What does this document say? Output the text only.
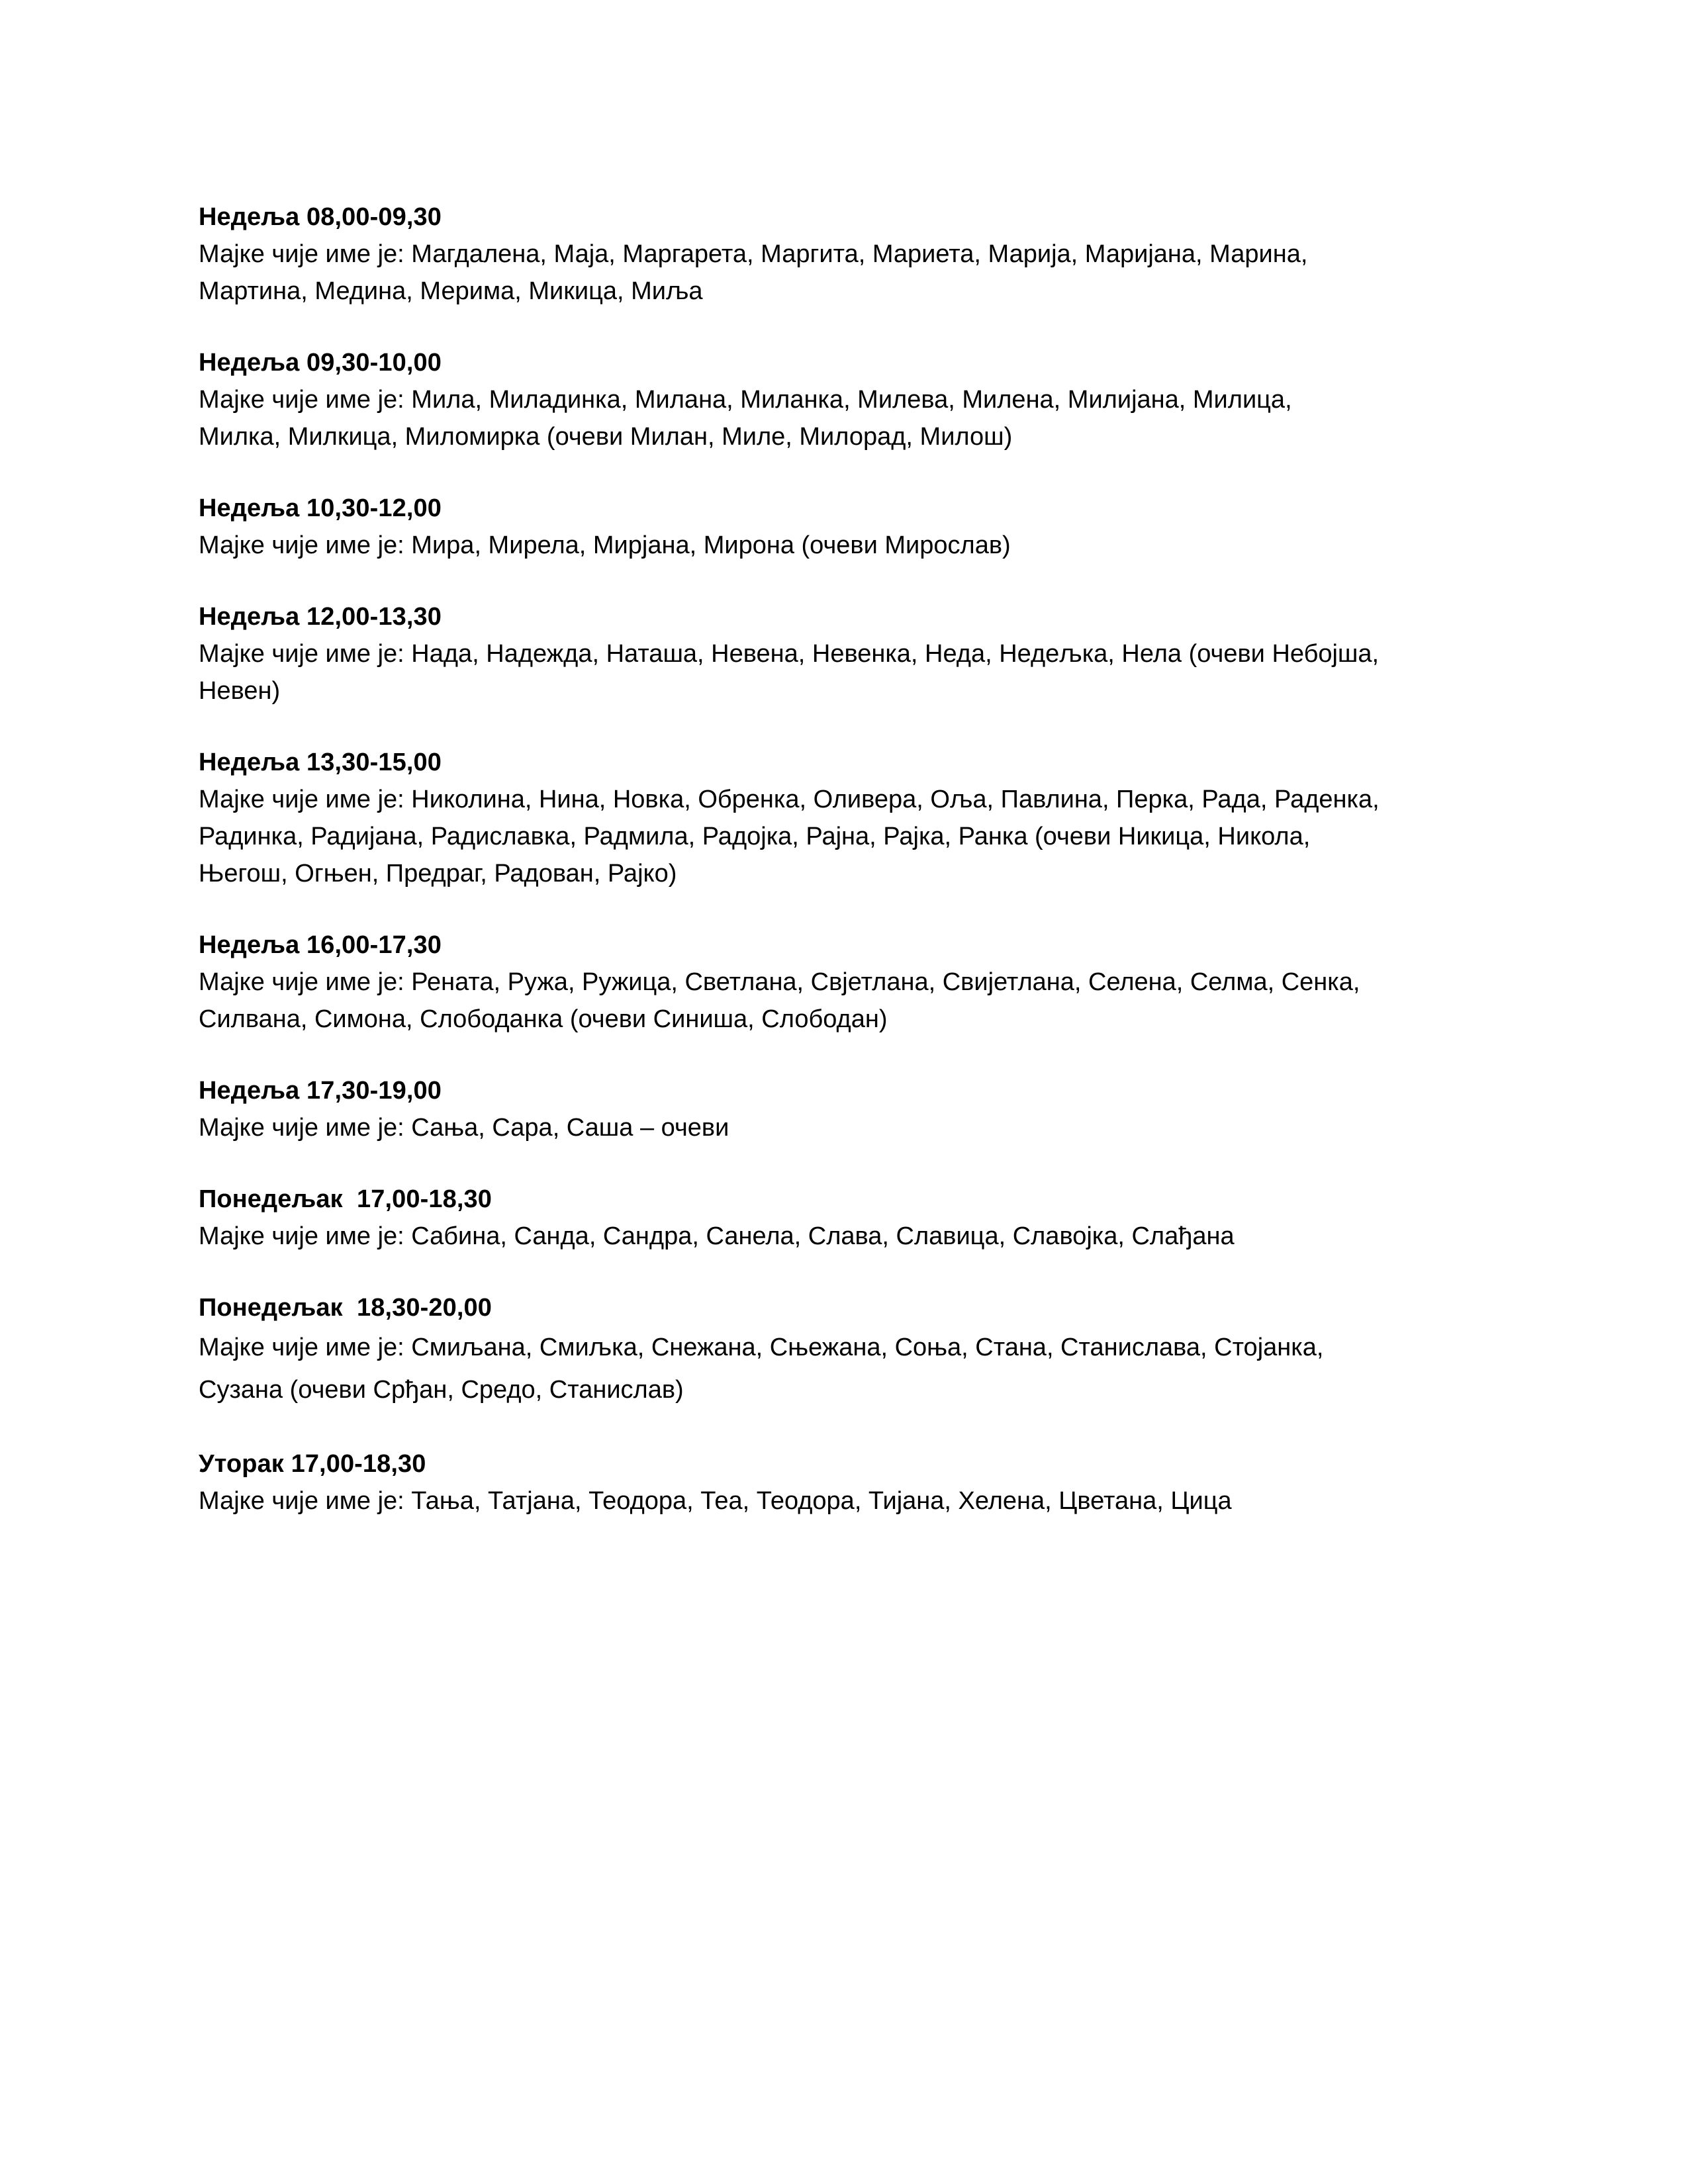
Недеља 08,00-09,30
Мајке чије име је: Магдалена, Маја, Маргарета, Маргита, Мариета, Марија, Маријана, Марина,
Мартина, Медина, Мерима, Микица, Миља
Недеља 09,30-10,00
Мајке чије име је: Мила, Миладинка, Милана, Миланка, Милева, Милена, Милијана, Милица,
Милка, Милкица, Миломирка (очеви Милан, Миле, Милорад, Милош)
Недеља 10,30-12,00
Мајке чије име је: Мира, Мирела, Мирјана, Мирона (очеви Мирослав)
Недеља 12,00-13,30
Мајке чије име је: Нада, Надежда, Наташа, Невена, Невенка, Неда, Недељка, Нела (очеви Небојша,
Невен)
Недеља 13,30-15,00
Мајке чије име је: Николина, Нина, Новка, Обренка, Оливера, Оља, Павлина, Перка, Рада, Раденка,
Радинка, Радијана, Радиславка, Радмила, Радојка, Рајна, Рајка, Ранка (очеви Никица, Никола,
Његош, Огњен, Предраг, Радован, Рајко)
Недеља 16,00-17,30
Мајке чије име је: Рената, Ружа, Ружица, Светлана, Свјетлана, Свијетлана, Селена, Селма, Сенка,
Силвана, Симона, Слободанка (очеви Синиша, Слободан)
Недеља 17,30-19,00
Мајке чије име је: Сања, Сара, Саша – очеви
Понедељак  17,00-18,30
Мајке чије име је: Сабина, Санда, Сандра, Санела, Слава, Славица, Славојка, Слађана
Понедељак  18,30-20,00
Мајке чије име је: Смиљана, Смиљка, Снежана, Сњежана, Соња, Стана, Станислава, Стојанка,
Сузана (очеви Срђан, Средо, Станислав)
Уторак 17,00-18,30
Мајке чије име је: Тања, Татјана, Теодора, Теа, Теодора, Тијана, Хелена, Цветана, Цица
